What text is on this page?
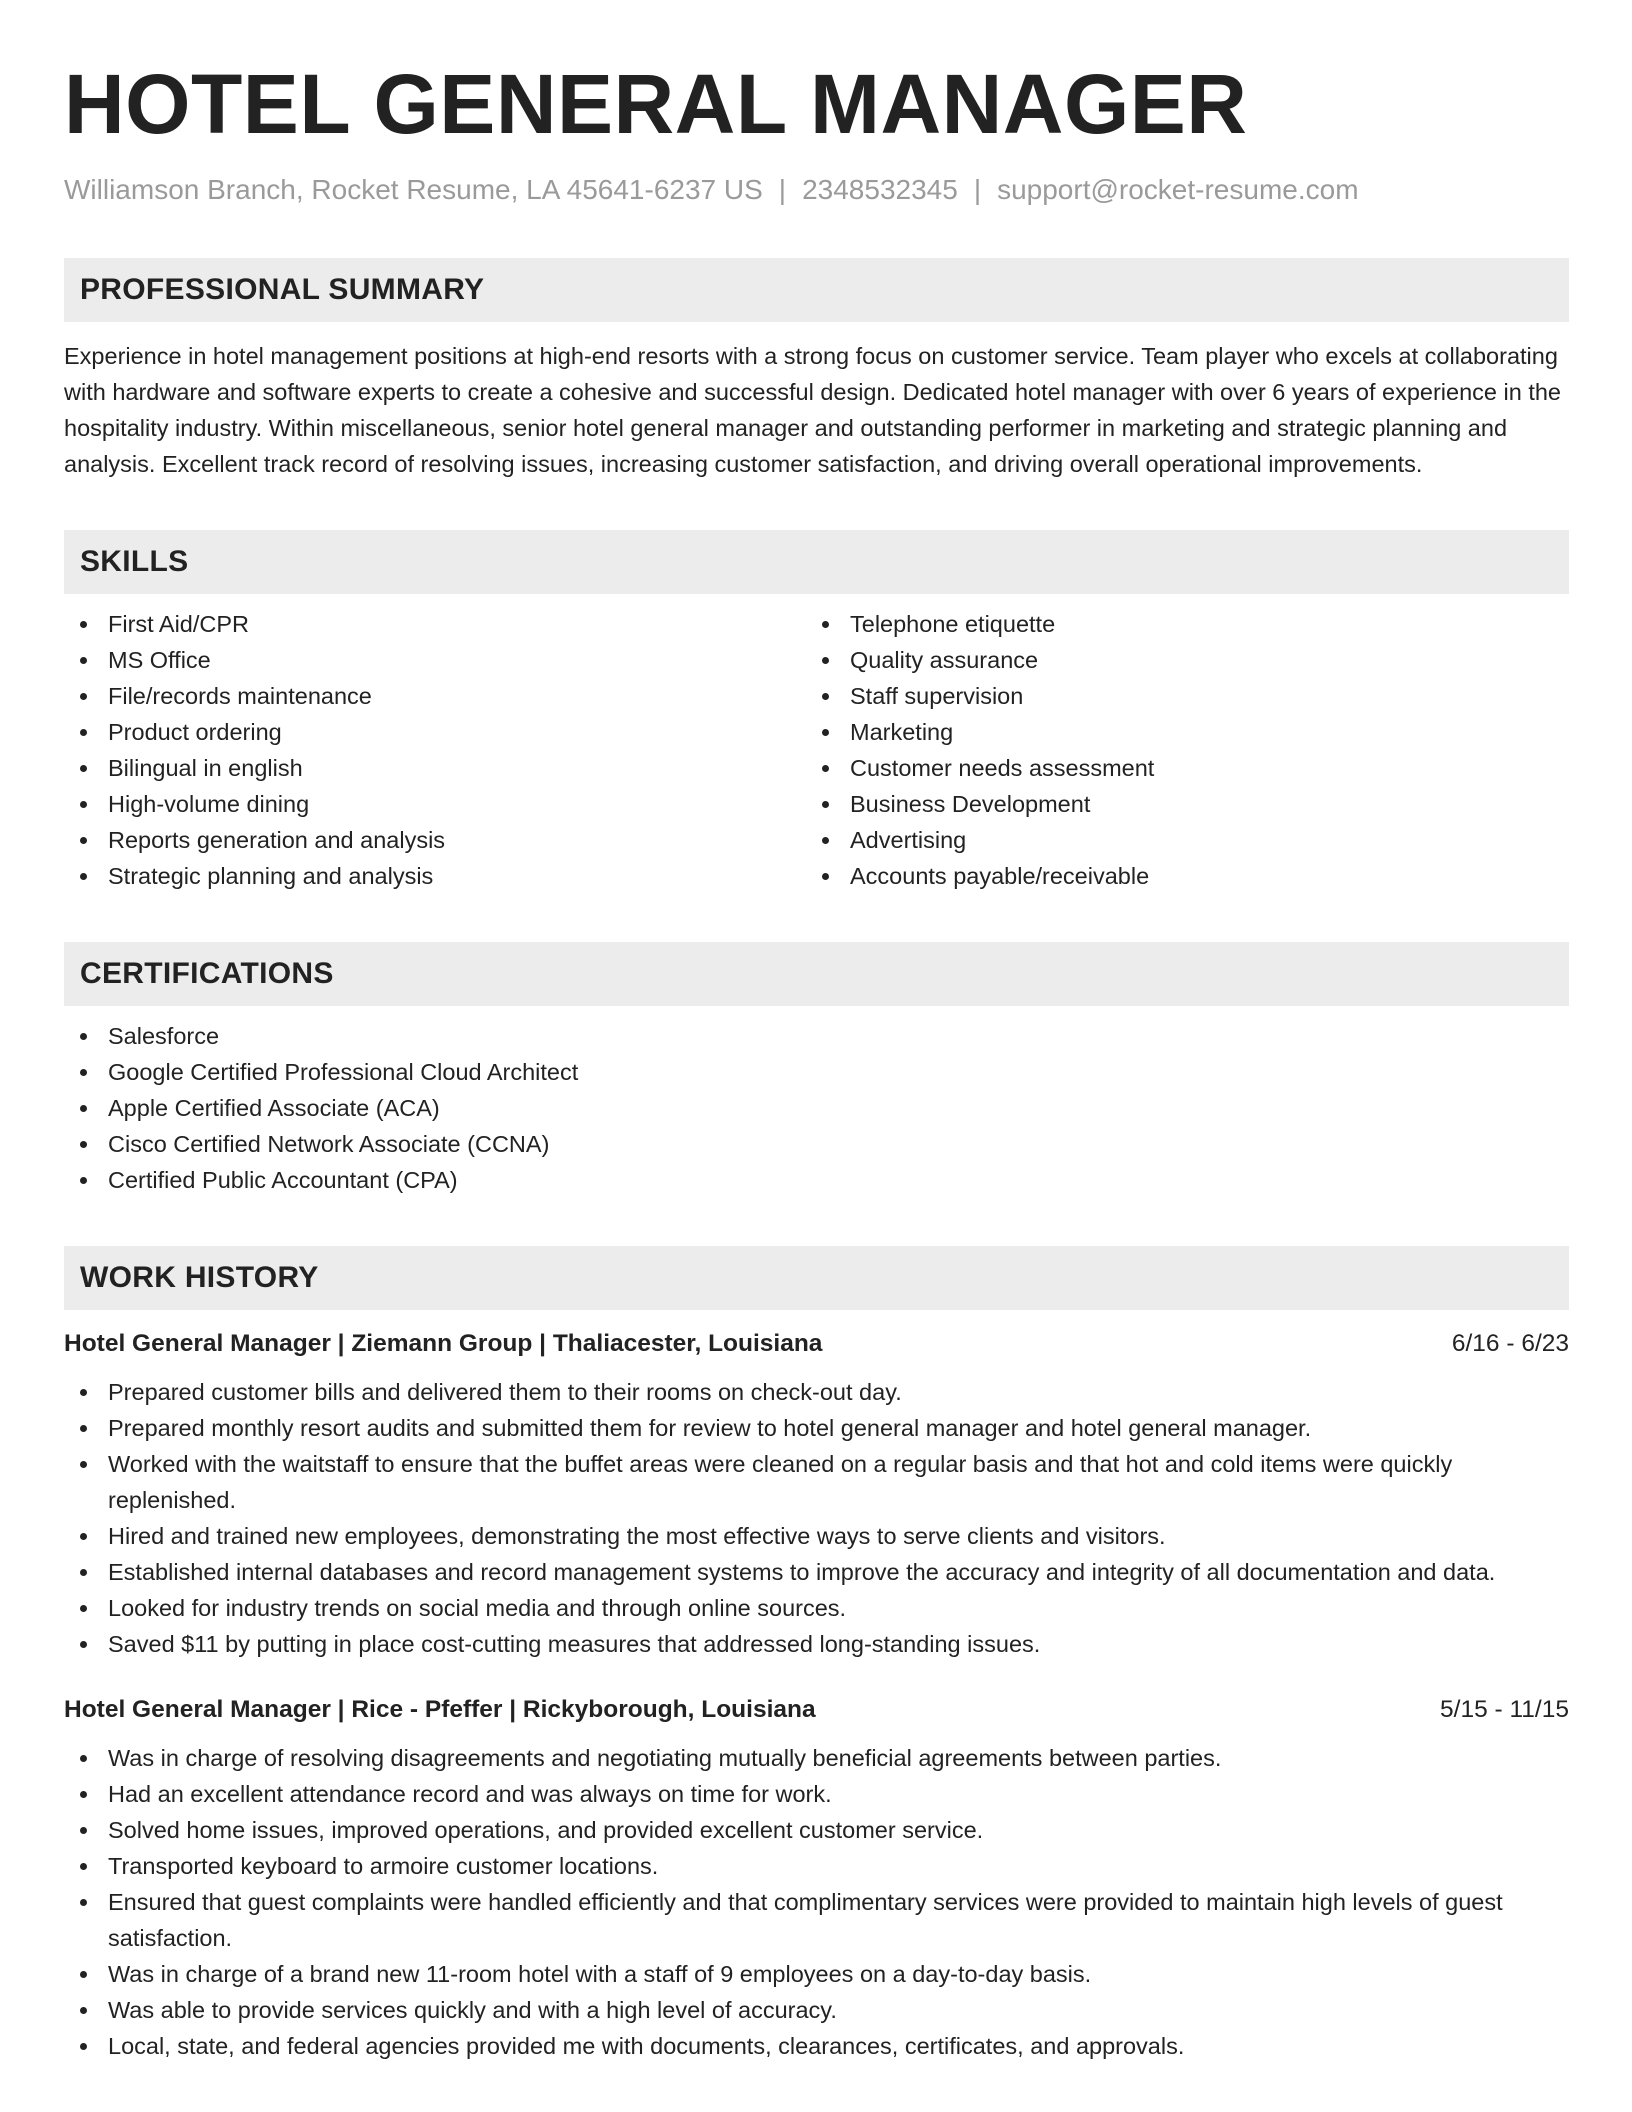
HOTEL GENERAL MANAGER
Williamson Branch, Rocket Resume, LA 45641-6237 US | 2348532345 | support@rocket-resume.com
PROFESSIONAL SUMMARY

Experience in hotel management positions at high-end resorts with a strong focus on customer service. Team player who excels at collaborating with hardware and software experts to create a cohesive and successful design. Dedicated hotel manager with over 6 years of experience in the hospitality industry. Within miscellaneous, senior hotel general manager and outstanding performer in marketing and strategic planning and analysis. Excellent track record of resolving issues, increasing customer satisfaction, and driving overall operational improvements.

SKILLS
First Aid/CPR
MS Office
File/records maintenance
Product ordering
Bilingual in english
High-volume dining
Reports generation and analysis
Strategic planning and analysis
Telephone etiquette
Quality assurance
Staff supervision
Marketing
Customer needs assessment
Business Development
Advertising
Accounts payable/receivable
CERTIFICATIONS
Salesforce
Google Certified Professional Cloud Architect
Apple Certified Associate (ACA)
Cisco Certified Network Associate (CCNA)
Certified Public Accountant (CPA)
WORK HISTORY
Hotel General Manager | Ziemann Group | Thaliacester, Louisiana	6/16 - 6/23
Prepared customer bills and delivered them to their rooms on check-out day.
Prepared monthly resort audits and submitted them for review to hotel general manager and hotel general manager.
Worked with the waitstaff to ensure that the buffet areas were cleaned on a regular basis and that hot and cold items were quickly replenished.
Hired and trained new employees, demonstrating the most effective ways to serve clients and visitors.
Established internal databases and record management systems to improve the accuracy and integrity of all documentation and data.
Looked for industry trends on social media and through online sources.
Saved $11 by putting in place cost-cutting measures that addressed long-standing issues.
Hotel General Manager | Rice - Pfeffer | Rickyborough, Louisiana	5/15 - 11/15
Was in charge of resolving disagreements and negotiating mutually beneficial agreements between parties.
Had an excellent attendance record and was always on time for work.
Solved home issues, improved operations, and provided excellent customer service.
Transported keyboard to armoire customer locations.
Ensured that guest complaints were handled efficiently and that complimentary services were provided to maintain high levels of guest satisfaction.
Was in charge of a brand new 11-room hotel with a staff of 9 employees on a day-to-day basis.
Was able to provide services quickly and with a high level of accuracy.
Local, state, and federal agencies provided me with documents, clearances, certificates, and approvals.
